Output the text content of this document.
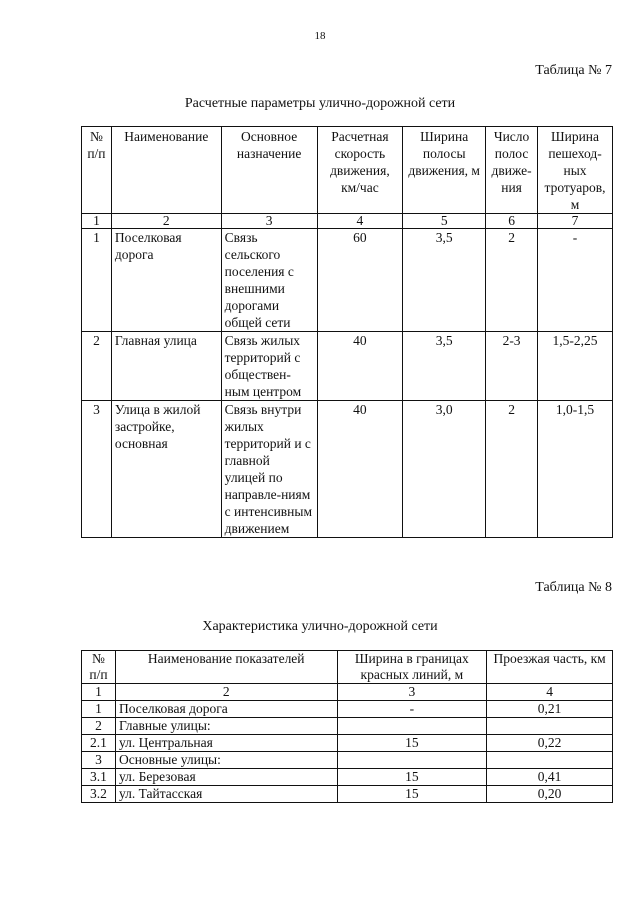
18
Таблица № 7
Расчетные параметры улично-дорожной сети
№ п/п	Наименование	Основное назначение	Расчетная скорость движения, км/час	Ширина полосы движения, м	Число полос движе-ния	Ширина пешеход-ных тротуаров, м
1	2	3	4	5	6	7
1	Поселковая дорога	Связь сельского поселения с внешними дорогами общей сети	60	3,5	2	-
2	Главная улица	Связь жилых территорий с обществен-ным центром	40	3,5	2-3	1,5-2,25
3	Улица в жилой застройке, основная	Связь внутри жилых территорий и с главной улицей по направле-ниям с интенсивным движением	40	3,0	2	1,0-1,5
Таблица № 8
Характеристика улично-дорожной сети
№ п/п	Наименование показателей	Ширина в границах красных линий, м	Проезжая часть, км
1	2	3	4
1	Поселковая дорога	-	0,21
2	Главные улицы:		
2.1	ул. Центральная	15	0,22
3	Основные улицы:		
3.1	ул. Березовая	15	0,41
3.2	ул. Тайтасская	15	0,20
